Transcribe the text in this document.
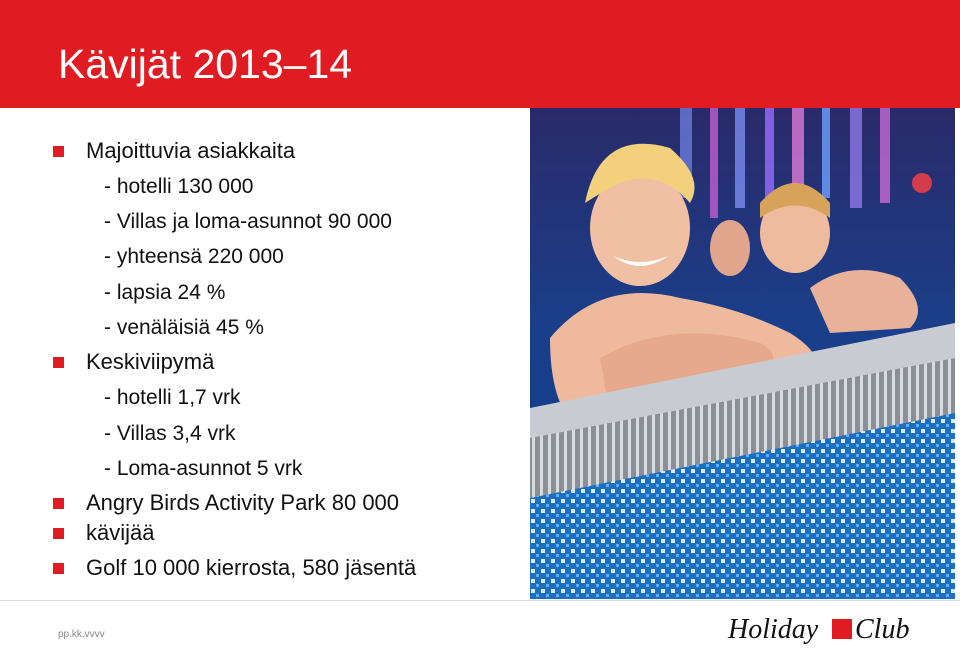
Kävijät 2013–14
Majoittuvia asiakkaita
- hotelli 130 000
- Villas ja loma-asunnot 90 000
- yhteensä 220 000
- lapsia 24 %
- venäläisiä 45 %
Keskiviipymä
- hotelli 1,7 vrk
- Villas 3,4 vrk
- Loma-asunnot 5 vrk
Angry Birds Activity Park 80 000
kävijää
Golf 10 000 kierrosta, 580 jäsentä
pp.kk.vvvv	Holiday Club
